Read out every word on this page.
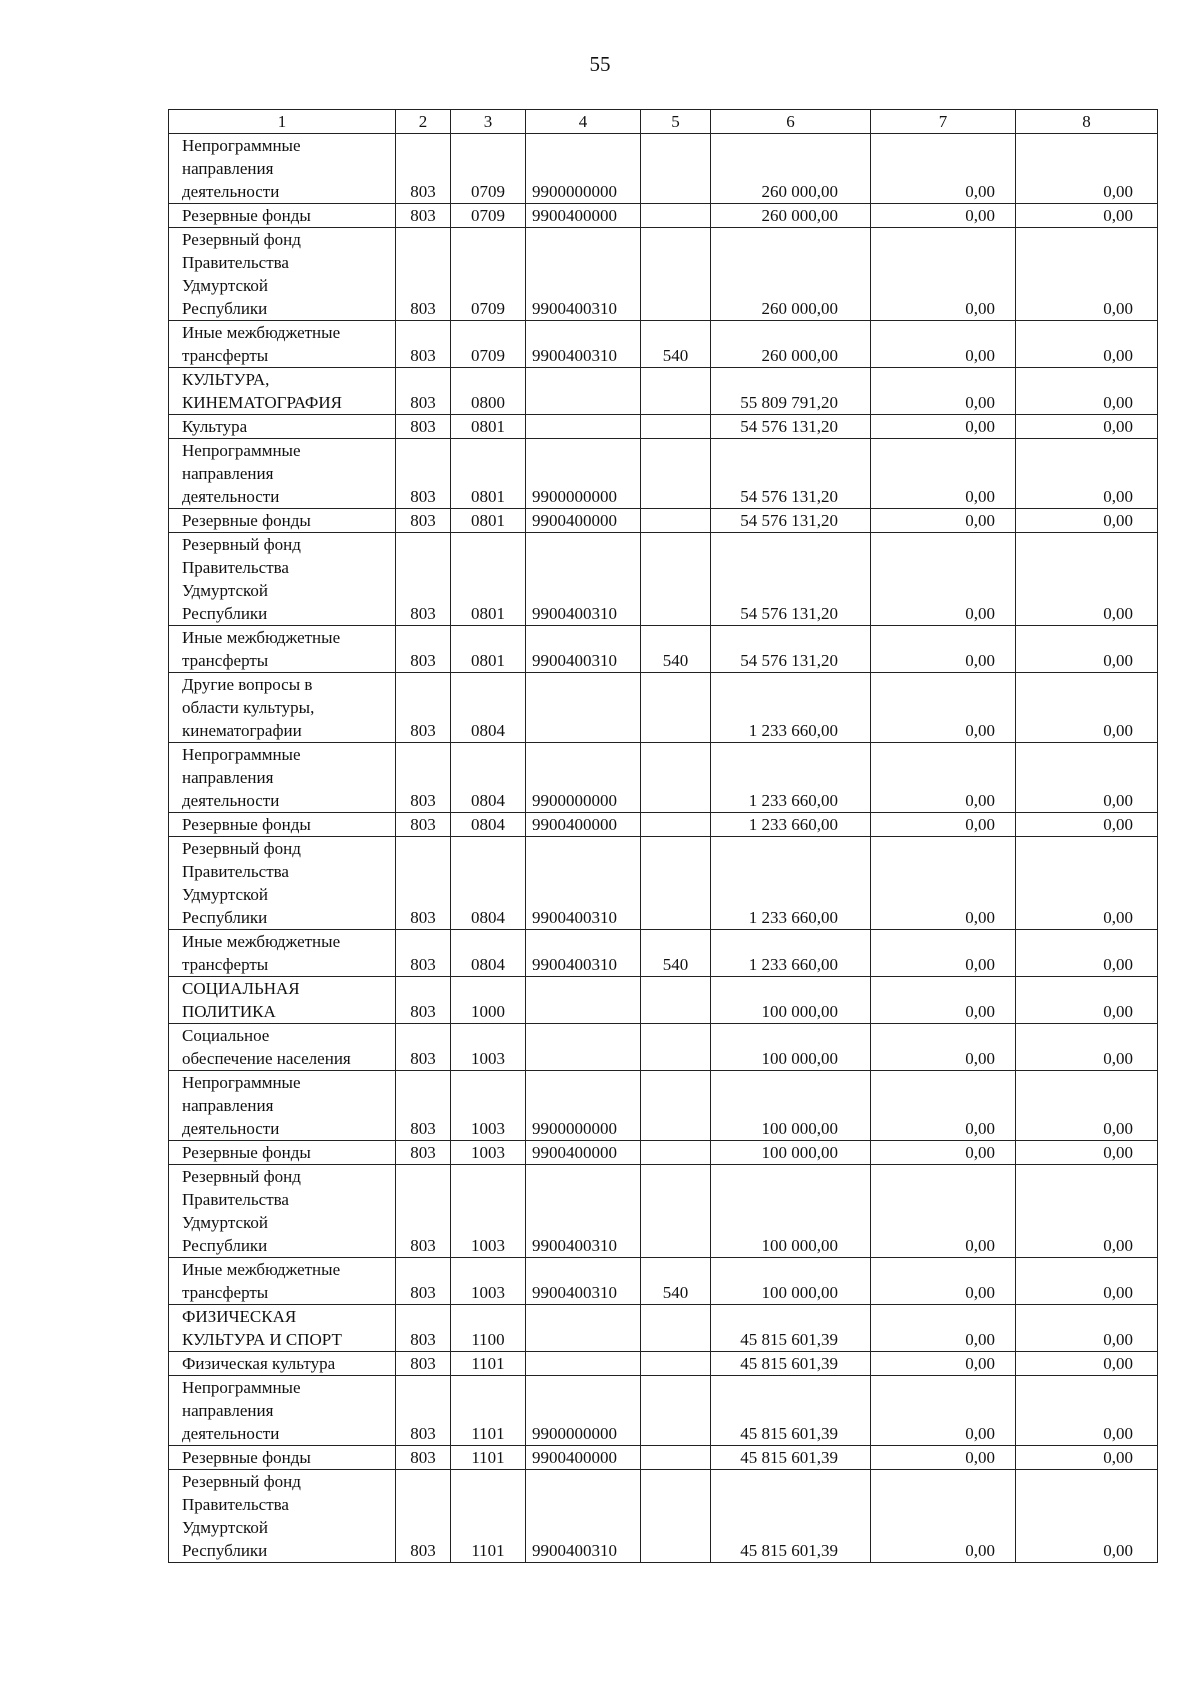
55
1	2	3	4	5	6	7	8

Непрограммные
направления
деятельности	803	0709	9900000000		260 000,00	0,00	0,00

Резервные фонды	803	0709	9900400000		260 000,00	0,00	0,00

Резервный фонд
Правительства
Удмуртской
Республики	803	0709	9900400310		260 000,00	0,00	0,00

Иные межбюджетные
трансферты	803	0709	9900400310	540	260 000,00	0,00	0,00

КУЛЬТУРА,
КИНЕМАТОГРАФИЯ	803	0800			55 809 791,20	0,00	0,00

Культура	803	0801			54 576 131,20	0,00	0,00

Непрограммные
направления
деятельности	803	0801	9900000000		54 576 131,20	0,00	0,00

Резервные фонды	803	0801	9900400000		54 576 131,20	0,00	0,00

Резервный фонд
Правительства
Удмуртской
Республики	803	0801	9900400310		54 576 131,20	0,00	0,00

Иные межбюджетные
трансферты	803	0801	9900400310	540	54 576 131,20	0,00	0,00

Другие вопросы в
области культуры,
кинематографии	803	0804			1 233 660,00	0,00	0,00

Непрограммные
направления
деятельности	803	0804	9900000000		1 233 660,00	0,00	0,00

Резервные фонды	803	0804	9900400000		1 233 660,00	0,00	0,00

Резервный фонд
Правительства
Удмуртской
Республики	803	0804	9900400310		1 233 660,00	0,00	0,00

Иные межбюджетные
трансферты	803	0804	9900400310	540	1 233 660,00	0,00	0,00

СОЦИАЛЬНАЯ
ПОЛИТИКА	803	1000			100 000,00	0,00	0,00

Социальное
обеспечение населения	803	1003			100 000,00	0,00	0,00

Непрограммные
направления
деятельности	803	1003	9900000000		100 000,00	0,00	0,00

Резервные фонды	803	1003	9900400000		100 000,00	0,00	0,00

Резервный фонд
Правительства
Удмуртской
Республики	803	1003	9900400310		100 000,00	0,00	0,00

Иные межбюджетные
трансферты	803	1003	9900400310	540	100 000,00	0,00	0,00

ФИЗИЧЕСКАЯ
КУЛЬТУРА И СПОРТ	803	1100			45 815 601,39	0,00	0,00

Физическая культура	803	1101			45 815 601,39	0,00	0,00

Непрограммные
направления
деятельности	803	1101	9900000000		45 815 601,39	0,00	0,00

Резервные фонды	803	1101	9900400000		45 815 601,39	0,00	0,00

Резервный фонд
Правительства
Удмуртской
Республики	803	1101	9900400310		45 815 601,39	0,00	0,00
